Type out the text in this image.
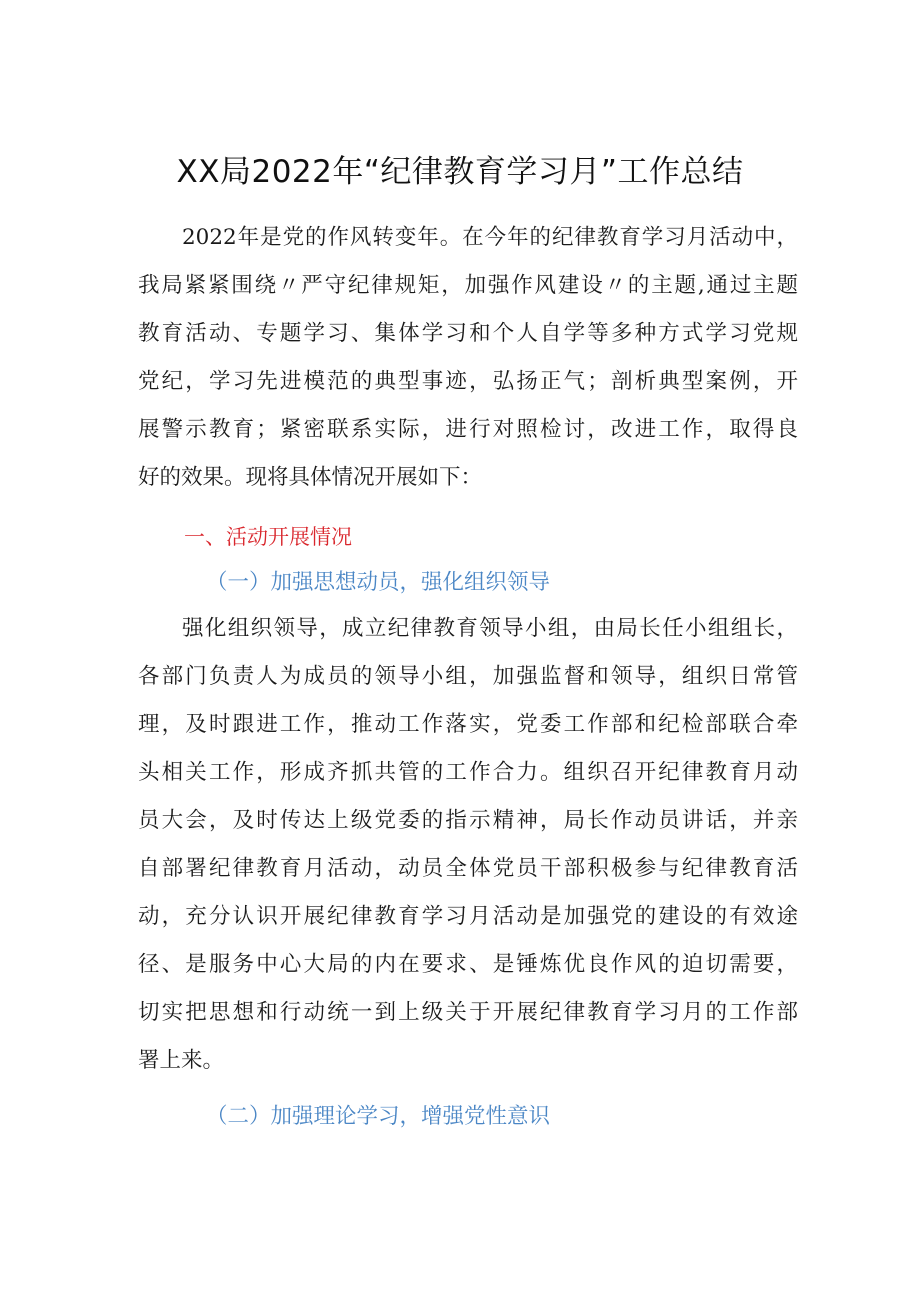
XX局2022年“纪律教育学习月”工作总结
2022年是党的作风转变年。在今年的纪律教育学习月活动中，
我局紧紧围绕〃严守纪律规矩，加强作风建设〃的主题,通过主题
教育活动、专题学习、集体学习和个人自学等多种方式学习党规
党纪，学习先进模范的典型事迹，弘扬正气；剖析典型案例，开
展警示教育；紧密联系实际，进行对照检讨，改进工作，取得良
好的效果。现将具体情况开展如下：
一、活动开展情况
（一）加强思想动员，强化组织领导
强化组织领导，成立纪律教育领导小组，由局长任小组组长，
各部门负责人为成员的领导小组，加强监督和领导，组织日常管
理，及时跟进工作，推动工作落实，党委工作部和纪检部联合牵
头相关工作，形成齐抓共管的工作合力。组织召开纪律教育月动
员大会，及时传达上级党委的指示精神，局长作动员讲话，并亲
自部署纪律教育月活动，动员全体党员干部积极参与纪律教育活
动，充分认识开展纪律教育学习月活动是加强党的建设的有效途
径、是服务中心大局的内在要求、是锤炼优良作风的迫切需要，
切实把思想和行动统一到上级关于开展纪律教育学习月的工作部
署上来。
（二）加强理论学习，增强党性意识
